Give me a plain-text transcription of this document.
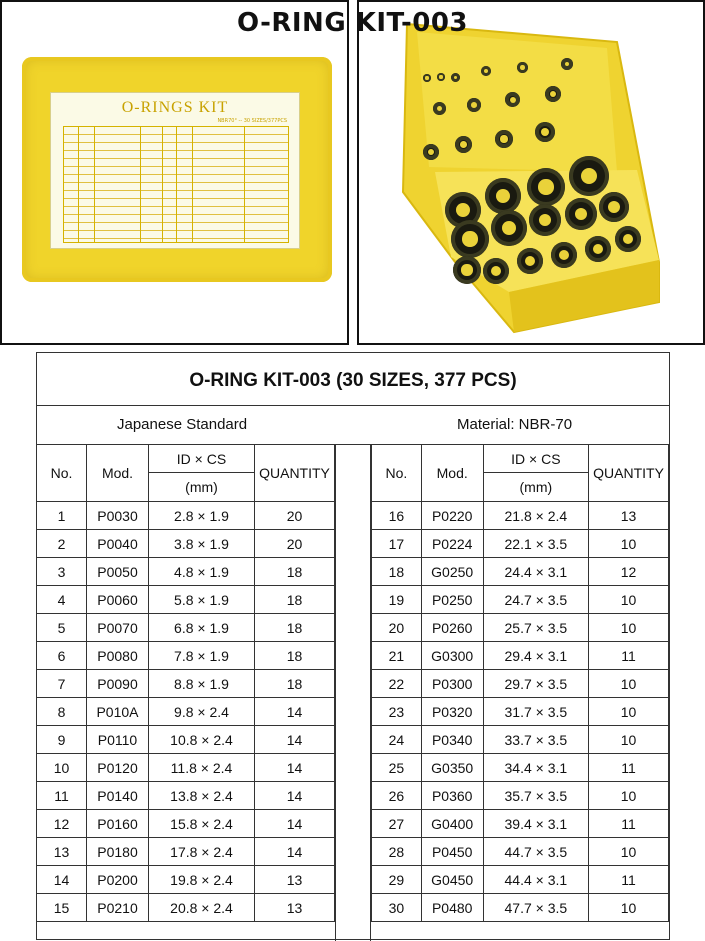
O-RINGS KIT
NBR70° -- 30 SIZES/377PCS
O-RING KIT-003
O-RING KIT-003 (30 SIZES, 377 PCS)
Japanese Standard	Material: NBR-70
No.	Mod.	ID × CS	QUANTITY
		(mm)	
1	P0030	2.8 × 1.9	20
2	P0040	3.8 × 1.9	20
3	P0050	4.8 × 1.9	18
4	P0060	5.8 × 1.9	18
5	P0070	6.8 × 1.9	18
6	P0080	7.8 × 1.9	18
7	P0090	8.8 × 1.9	18
8	P010A	9.8 × 2.4	14
9	P0110	10.8 × 2.4	14
10	P0120	11.8 × 2.4	14
11	P0140	13.8 × 2.4	14
12	P0160	15.8 × 2.4	14
13	P0180	17.8 × 2.4	14
14	P0200	19.8 × 2.4	13
15	P0210	20.8 × 2.4	13
No.	Mod.	ID × CS	QUANTITY
		(mm)	
16	P0220	21.8 × 2.4	13
17	P0224	22.1 × 3.5	10
18	G0250	24.4 × 3.1	12
19	P0250	24.7 × 3.5	10
20	P0260	25.7 × 3.5	10
21	G0300	29.4 × 3.1	11
22	P0300	29.7 × 3.5	10
23	P0320	31.7 × 3.5	10
24	P0340	33.7 × 3.5	10
25	G0350	34.4 × 3.1	11
26	P0360	35.7 × 3.5	10
27	G0400	39.4 × 3.1	11
28	P0450	44.7 × 3.5	10
29	G0450	44.4 × 3.1	11
30	P0480	47.7 × 3.5	10
